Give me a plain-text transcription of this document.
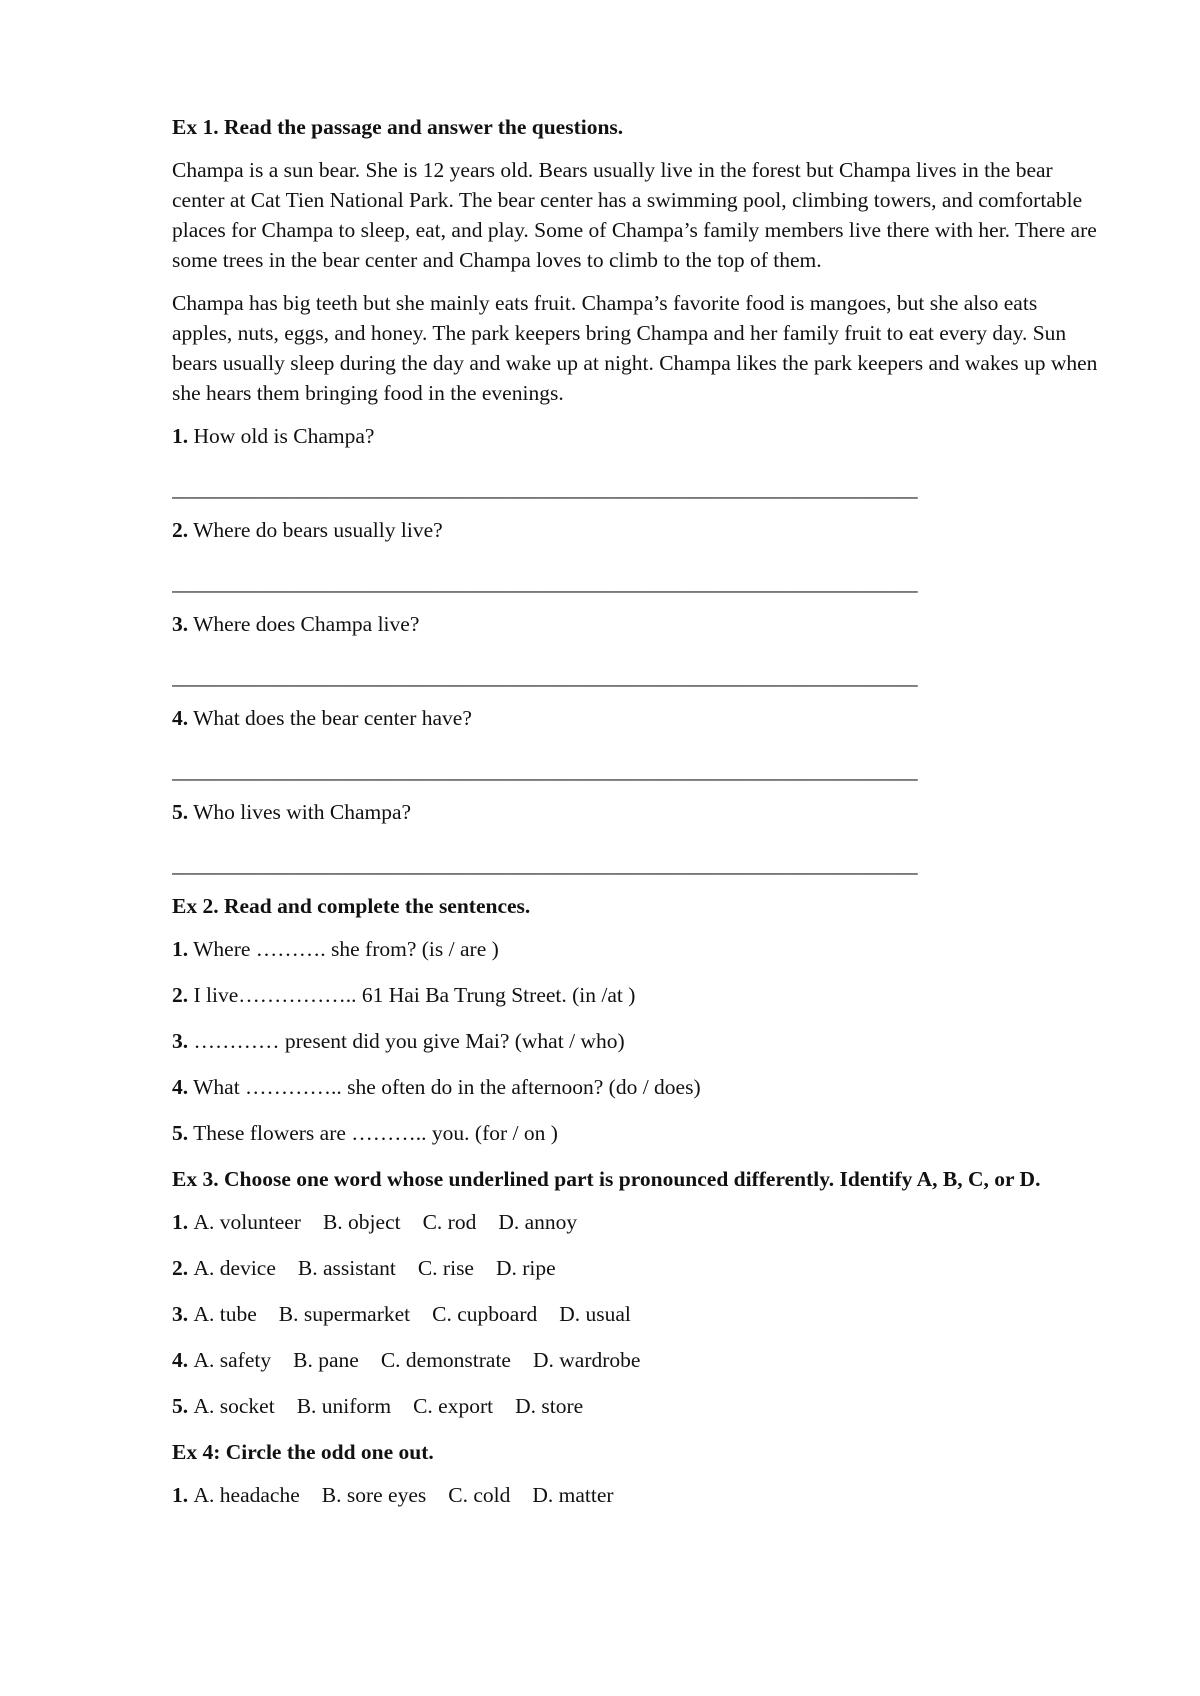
Ex 1. Read the passage and answer the questions.
Champa is a sun bear. She is 12 years old. Bears usually live in the forest but Champa lives in the bear center at Cat Tien National Park. The bear center has a swimming pool, climbing towers, and comfortable places for Champa to sleep, eat, and play. Some of Champa’s family members live there with her. There are some trees in the bear center and Champa loves to climb to the top of them.
Champa has big teeth but she mainly eats fruit. Champa’s favorite food is mangoes, but she also eats apples, nuts, eggs, and honey. The park keepers bring Champa and her family fruit to eat every day. Sun bears usually sleep during the day and wake up at night. Champa likes the park keepers and wakes up when she hears them bringing food in the evenings.
1. How old is Champa?
________________________________________________________________________
2. Where do bears usually live?
________________________________________________________________________
3. Where does Champa live?
________________________________________________________________________
4. What does the bear center have?
________________________________________________________________________
5. Who lives with Champa?
________________________________________________________________________
Ex 2. Read and complete the sentences.
1. Where ………. she from? (is / are )
2. I live…………….. 61 Hai Ba Trung Street. (in /at )
3. ………… present did you give Mai? (what / who)
4. What ………….. she often do in the afternoon? (do / does)
5. These flowers are ……….. you. (for / on )
Ex 3. Choose one word whose underlined part is pronounced differently. Identify A, B, C, or D.
1. A. volunteer B. object C. rod D. annoy
2. A. device B. assistant C. rise D. ripe
3. A. tube B. supermarket C. cupboard D. usual
4. A. safety B. pane C. demonstrate D. wardrobe
5. A. socket B. uniform C. export D. store
Ex 4: Circle the odd one out.
1. A. headache B. sore eyes C. cold D. matter
